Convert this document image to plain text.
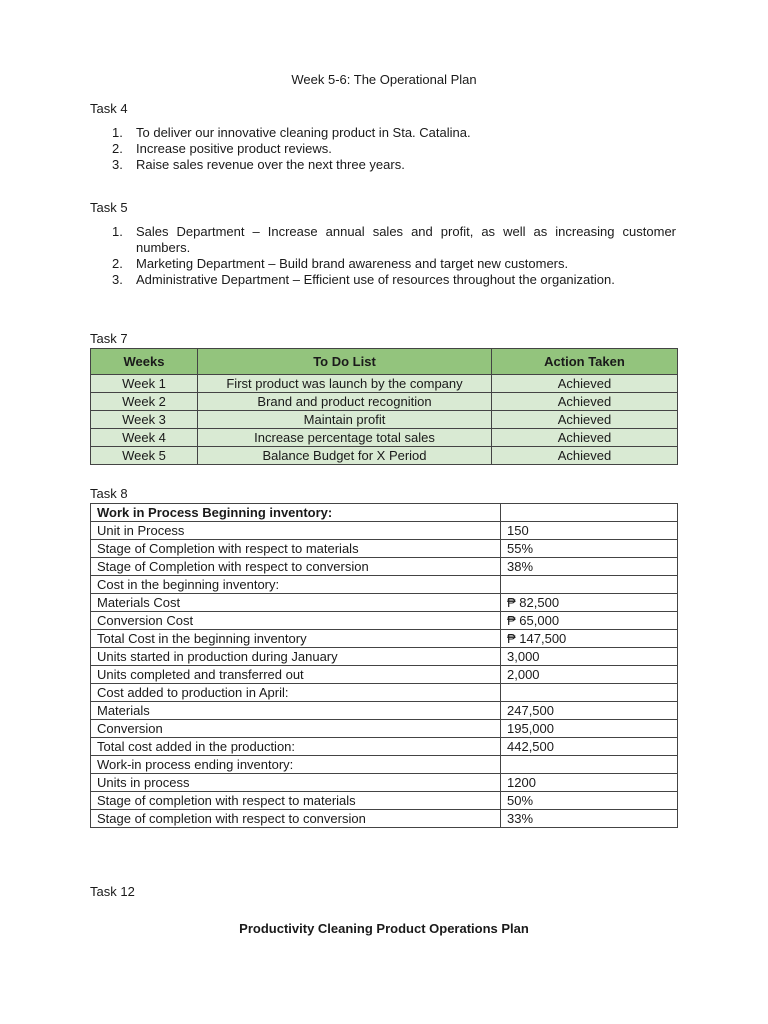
Week 5-6: The Operational Plan
Task 4
1. To deliver our innovative cleaning product in Sta. Catalina.
2. Increase positive product reviews.
3. Raise sales revenue over the next three years.
Task 5
1. Sales Department – Increase annual sales and profit, as well as increasing customer numbers.
2. Marketing Department – Build brand awareness and target new customers.
3. Administrative Department – Efficient use of resources throughout the organization.
Task 7
Weeks	To Do List	Action Taken
Week 1	First product was launch by the company	Achieved
Week 2	Brand and product recognition	Achieved
Week 3	Maintain profit	Achieved
Week 4	Increase percentage total sales	Achieved
Week 5	Balance Budget for X Period	Achieved
Task 8
Work in Process Beginning inventory:	
Unit in Process	150
Stage of Completion with respect to materials	55%
Stage of Completion with respect to conversion	38%
Cost in the beginning inventory:	
Materials Cost	₱ 82,500
Conversion Cost	₱ 65,000
Total Cost in the beginning inventory	₱ 147,500
Units started in production during January	3,000
Units completed and transferred out	2,000
Cost added to production in April:	
Materials	247,500
Conversion	195,000
Total cost added in the production:	442,500
Work-in process ending inventory:	
Units in process	1200
Stage of completion with respect to materials	50%
Stage of completion with respect to conversion	33%
Task 12
Productivity Cleaning Product Operations Plan
